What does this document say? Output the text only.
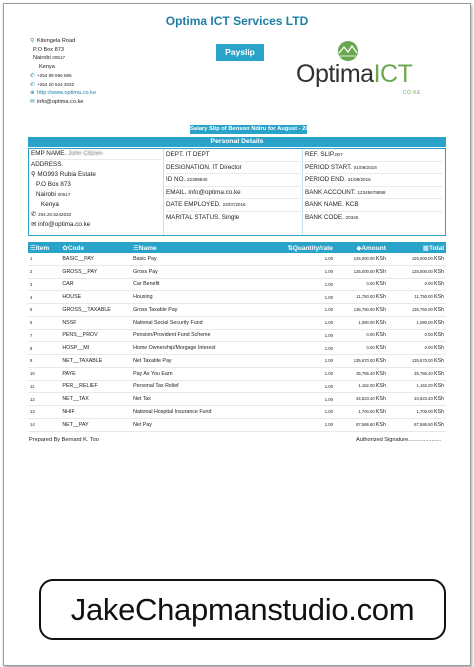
Optima ICT Services LTD
⚲ Kitengela Road
P.O Box 873
Nairobi 00517
Kenya
✆ +254 99 956 855
✆ +254 20 524 2032
⊕ http://www.optima.co.ke
✉ info@optima.co.ke
Payslip
OptimaICT
.CO.KE
Salary Slip of Benson Ndiru for August - 2016
Personal Details
EMP NAME. John Citizen
ADDRESS.
⚲ MG993 Rubia Estate
P.O Box 873
Nairobi 00517
Kenya
✆ 254.20.5242032
✉ info@optima.co.ke
DEPT. IT DEPT
DESIGNATION. IT Director
ID NO. 22398840
EMAIL. info@optima.co.ke
DATE EMPLOYED. 23/07/2016
MARITAL STATUS. Single
REF. SLIP.007
PERIOD START. 01/08/2016
PERIOD END. 31/08/2016
BANK ACCOUNT. 12345678888
BANK NAME. KCB
BANK CODE. 20345
☰Item	✿Code	☰Name	⇅Quantity/rate	◆Amount	▦Total
1	BASIC__PAY	Basic Pay	1.00	125,000.00 KSh	125,000.00 KSh
2	GROSS__PAY	Gross Pay	1.00	125,000.00 KSh	125,000.00 KSh
3	CAR	Car Benefit	1.00	0.00 KSh	0.00 KSh
4	HOUSE	Housing	1.00	11,750.00 KSh	11,750.00 KSh
5	GROSS__TAXABLE	Gross Taxable Pay	1.00	136,750.00 KSh	136,750.00 KSh
6	NSSF	National Social Security Fund	1.00	1,080.00 KSh	1,080.00 KSh
7	PENS__PROV	Pension/Provident Fund Scheme	1.00	0.00 KSh	0.00 KSh
8	HOSP__MI	Home Ownership/Morgage Interest	1.00	0.00 KSh	0.00 KSh
9	NET__TAXABLE	Net Taxable Pay	1.00	135,670.00 KSh	135,670.00 KSh
10	PAYE	Pay As You Earn	1.00	35,785.40 KSh	35,785.40 KSh
11	PER__RELIEF	Personal Tax Relief	1.00	1,162.00 KSh	1,162.00 KSh
12	NET__TAX	Net Tax	1.00	34,623.40 KSh	34,623.40 KSh
13	NHIF	National Hospital Insurance Fund	1.00	1,700.00 KSh	1,700.00 KSh
14	NET__PAY	Net Pay	1.00	87,586.60 KSh	87,586.60 KSh
Prepared By Bernard K. Too	Authorized Signature.....................
JakeChapmanstudio.com
